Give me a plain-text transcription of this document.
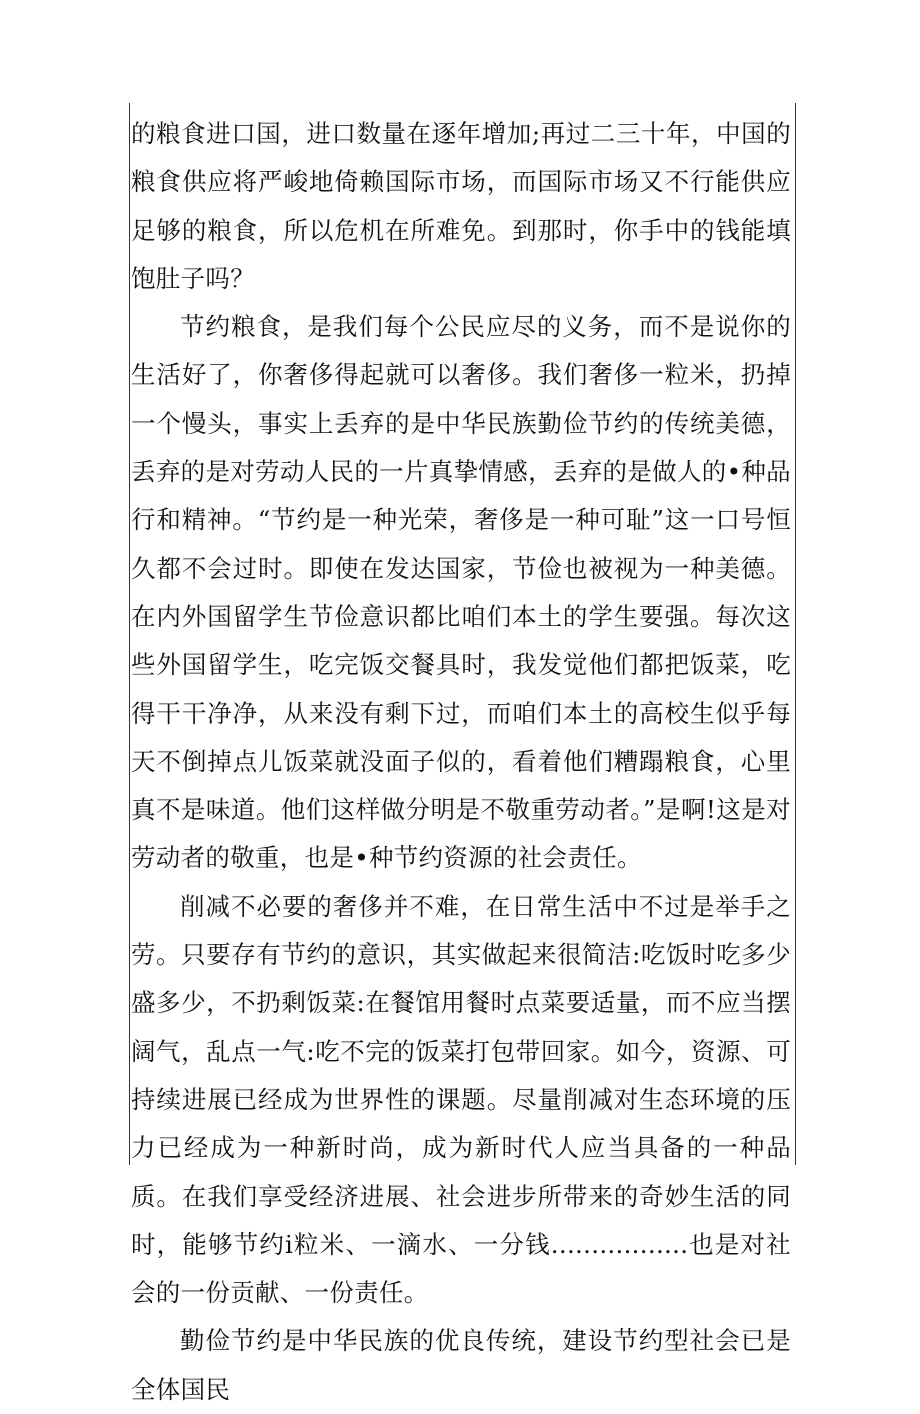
的粮食进口国，进口数量在逐年增加;再过二三十年，中国的粮食供应将严峻地倚赖国际市场，而国际市场又不行能供应足够的粮食，所以危机在所难免。到那时，你手中的钱能填饱肚子吗？

节约粮食，是我们每个公民应尽的义务，而不是说你的生活好了，你奢侈得起就可以奢侈。我们奢侈一粒米，扔掉一个慢头，事实上丢弃的是中华民族勤俭节约的传统美德，丢弃的是对劳动人民的一片真挚情感，丢弃的是做人的•种品行和精神。“节约是一种光荣，奢侈是一种可耻”这一口号恒久都不会过时。即使在发达国家，节俭也被视为一种美德。在内外国留学生节俭意识都比咱们本土的学生要强。每次这些外国留学生，吃完饭交餐具时，我发觉他们都把饭菜，吃得干干净净，从来没有剩下过，而咱们本土的高校生似乎每天不倒掉点儿饭菜就没面子似的，看着他们糟蹋粮食，心里真不是味道。他们这样做分明是不敬重劳动者。”是啊!这是对劳动者的敬重，也是•种节约资源的社会责任。

削减不必要的奢侈并不难，在日常生活中不过是举手之劳。只要存有节约的意识，其实做起来很简洁:吃饭时吃多少盛多少，不扔剩饭菜:在餐馆用餐时点菜要适量，而不应当摆阔气，乱点一气:吃不完的饭菜打包带回家。如今，资源、可持续进展已经成为世界性的课题。尽量削减对生态环境的压力已经成为一种新时尚，成为新时代人应当具备的一种品质。在我们享受经济进展、社会进步所带来的奇妙生活的同时，能够节约i粒米、一滴水、一分钱.................也是对社会的一份贡献、一份责任。

勤俭节约是中华民族的优良传统，建设节约型社会已是全体国民
